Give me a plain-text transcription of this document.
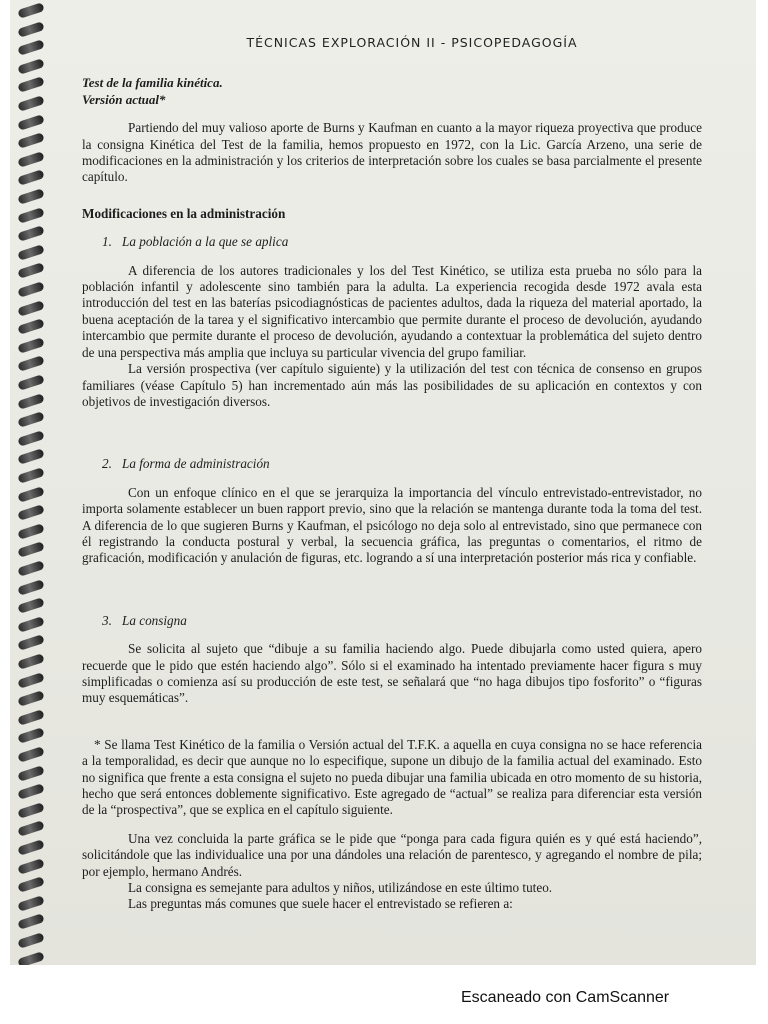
TÉCNICAS EXPLORACIÓN II - PSICOPEDAGOGÍA

Test de la familia kinética.

Versión actual*

Partiendo del muy valioso aporte de Burns y Kaufman en cuanto a la mayor riqueza proyectiva que produce la consigna Kinética del Test de la familia, hemos propuesto en 1972, con la Lic. García Arzeno, una serie de modificaciones en la administración y los criterios de interpretación sobre los cuales se basa parcialmente el presente capítulo.

Modificaciones en la administración
1. La población a la que se aplica

A diferencia de los autores tradicionales y los del Test Kinético, se utiliza esta prueba no sólo para la población infantil y adolescente sino también para la adulta. La experiencia recogida desde 1972 avala esta introducción del test en las baterías psicodiagnósticas de pacientes adultos, dada la riqueza del material aportado, la buena aceptación de la tarea y el significativo intercambio que permite durante el proceso de devolución, ayudando intercambio que permite durante el proceso de devolución, ayudando a contextuar la problemática del sujeto dentro de una perspectiva más amplia que incluya su particular vivencia del grupo familiar.

La versión prospectiva (ver capítulo siguiente) y la utilización del test con técnica de consenso en grupos familiares (véase Capítulo 5) han incrementado aún más las posibilidades de su aplicación en contextos y con objetivos de investigación diversos.

2. La forma de administración

Con un enfoque clínico en el que se jerarquiza la importancia del vínculo entrevistado-entrevistador, no importa solamente establecer un buen rapport previo, sino que la relación se mantenga durante toda la toma del test. A diferencia de lo que sugieren Burns y Kaufman, el psicólogo no deja solo al entrevistado, sino que permanece con él registrando la conducta postural y verbal, la secuencia gráfica, las preguntas o comentarios, el ritmo de graficación, modificación y anulación de figuras, etc. logrando a sí una interpretación posterior más rica y confiable.

3. La consigna

Se solicita al sujeto que “dibuje a su familia haciendo algo. Puede dibujarla como usted quiera, apero recuerde que le pido que estén haciendo algo”. Sólo si el examinado ha intentado previamente hacer figura s muy simplificadas o comienza así su producción de este test, se señalará que “no haga dibujos tipo fosforito” o “figuras muy esquemáticas”.

* Se llama Test Kinético de la familia o Versión actual del T.F.K. a aquella en cuya consigna no se hace referencia a la temporalidad, es decir que aunque no lo especifique, supone un dibujo de la familia actual del examinado. Esto no significa que frente a esta consigna el sujeto no pueda dibujar una familia ubicada en otro momento de su historia, hecho que será entonces doblemente significativo. Este agregado de “actual” se realiza para diferenciar esta versión de la “prospectiva”, que se explica en el capítulo siguiente.

Una vez concluida la parte gráfica se le pide que “ponga para cada figura quién es y qué está haciendo”, solicitándole que las individualice una por una dándoles una relación de parentesco, y agregando el nombre de pila; por ejemplo, hermano Andrés.

La consigna es semejante para adultos y niños, utilizándose en este último tuteo.

Las preguntas más comunes que suele hacer el entrevistado se refieren a:

Escaneado con CamScanner
